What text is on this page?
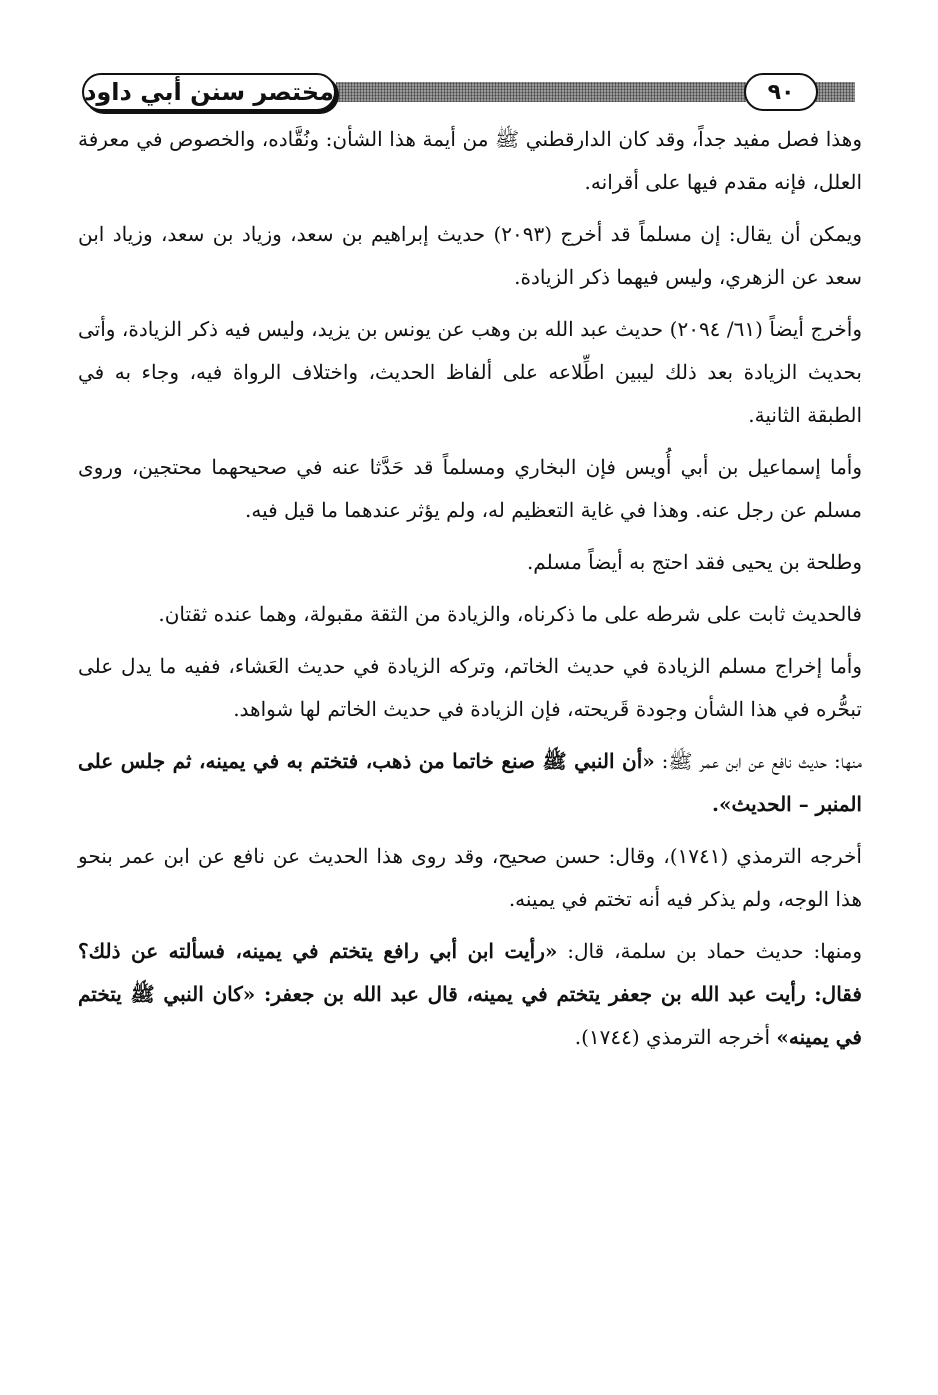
مختصر سنن أبي داود	٩٠

وهذا فصل مفيد جداً، وقد كان الدارقطني ﷺ من أيمة هذا الشأن: ونُقَّاده، والخصوص في معرفة العلل، فإنه مقدم فيها على أقرانه.

ويمكن أن يقال: إن مسلماً قد أخرج (٢٠٩٣) حديث إبراهيم بن سعد، وزياد بن سعد، وزياد ابن سعد عن الزهري، وليس فيهما ذكر الزيادة.

وأخرج أيضاً (٦١/ ٢٠٩٤) حديث عبد الله بن وهب عن يونس بن يزيد، وليس فيه ذكر الزيادة، وأتى بحديث الزيادة بعد ذلك ليبين اطِّلاعه على ألفاظ الحديث، واختلاف الرواة فيه، وجاء به في الطبقة الثانية.

وأما إسماعيل بن أبي أُويس فإن البخاري ومسلماً قد حَدَّثا عنه في صحيحهما محتجين، وروى مسلم عن رجل عنه. وهذا في غاية التعظيم له، ولم يؤثر عندهما ما قيل فيه.

وطلحة بن يحيى فقد احتج به أيضاً مسلم.

فالحديث ثابت على شرطه على ما ذكرناه، والزيادة من الثقة مقبولة، وهما عنده ثقتان.

وأما إخراج مسلم الزيادة في حديث الخاتم، وتركه الزيادة في حديث العَشاء، ففيه ما يدل على تبحُّره في هذا الشأن وجودة قَريحته، فإن الزيادة في حديث الخاتم لها شواهد.

منها: حديث نافع عن ابن عمر ﷺ: «أن النبي ﷺ صنع خاتما من ذهب، فتختم به في يمينه، ثم جلس على المنبر – الحديث».

أخرجه الترمذي (١٧٤١)، وقال: حسن صحيح، وقد روى هذا الحديث عن نافع عن ابن عمر بنحو هذا الوجه، ولم يذكر فيه أنه تختم في يمينه.

ومنها: حديث حماد بن سلمة، قال: «رأيت ابن أبي رافع يتختم في يمينه، فسألته عن ذلك؟ فقال: رأيت عبد الله بن جعفر يتختم في يمينه، قال عبد الله بن جعفر: «كان النبي ﷺ يتختم في يمينه» أخرجه الترمذي (١٧٤٤).
